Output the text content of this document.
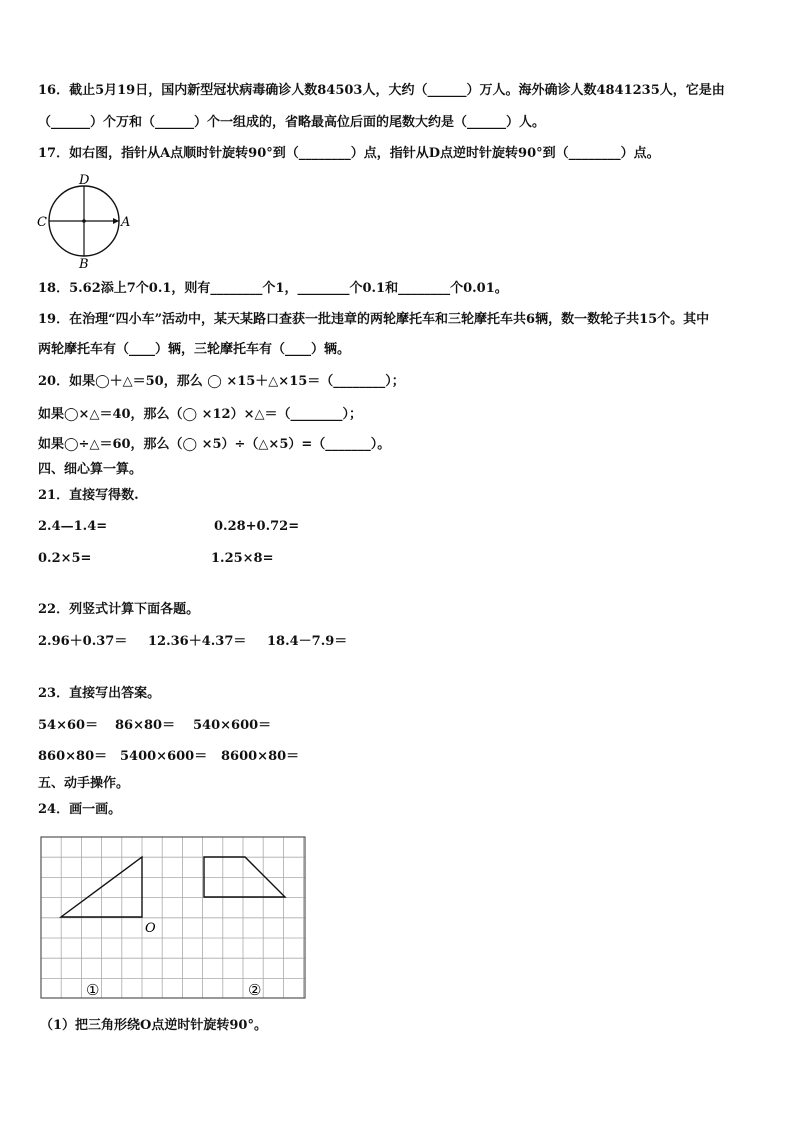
16．截止5月19日，国内新型冠状病毒确诊人数84503人，大约（______）万人。海外确诊人数4841235人，它是由
（______）个万和（______）个一组成的，省略最高位后面的尾数大约是（______）人。
17．如右图，指针从A点顺时针旋转90°到（________）点，指针从D点逆时针旋转90°到（________）点。
D
C	A
B
18．5.62添上7个0.1，则有________个1，________个0.1和________个0.01。
19．在治理“四小车”活动中，某天某路口查获一批违章的两轮摩托车和三轮摩托车共6辆，数一数轮子共15个。其中
两轮摩托车有（____）辆，三轮摩托车有（____）辆。
20．如果◯＋△＝50，那么 ◯ ×15＋△×15＝（________）；
如果◯×△＝40，那么（◯ ×12）×△＝（________）；
如果◯÷△＝60，那么（◯ ×5）÷（△×5）=（_______）。
四、细心算一算。
21．直接写得数.
2.4—1.4=	0.28+0.72=
0.2×5=	1.25×8=
22．列竖式计算下面各题。
2.96＋0.37＝ 12.36＋4.37＝ 18.4－7.9＝
23．直接写出答案。
54×60＝ 86×80＝ 540×600＝
860×80＝ 5400×600＝ 8600×80＝
五、动手操作。
24．画一画。
O
①	②
（1）把三角形绕O点逆时针旋转90°。
